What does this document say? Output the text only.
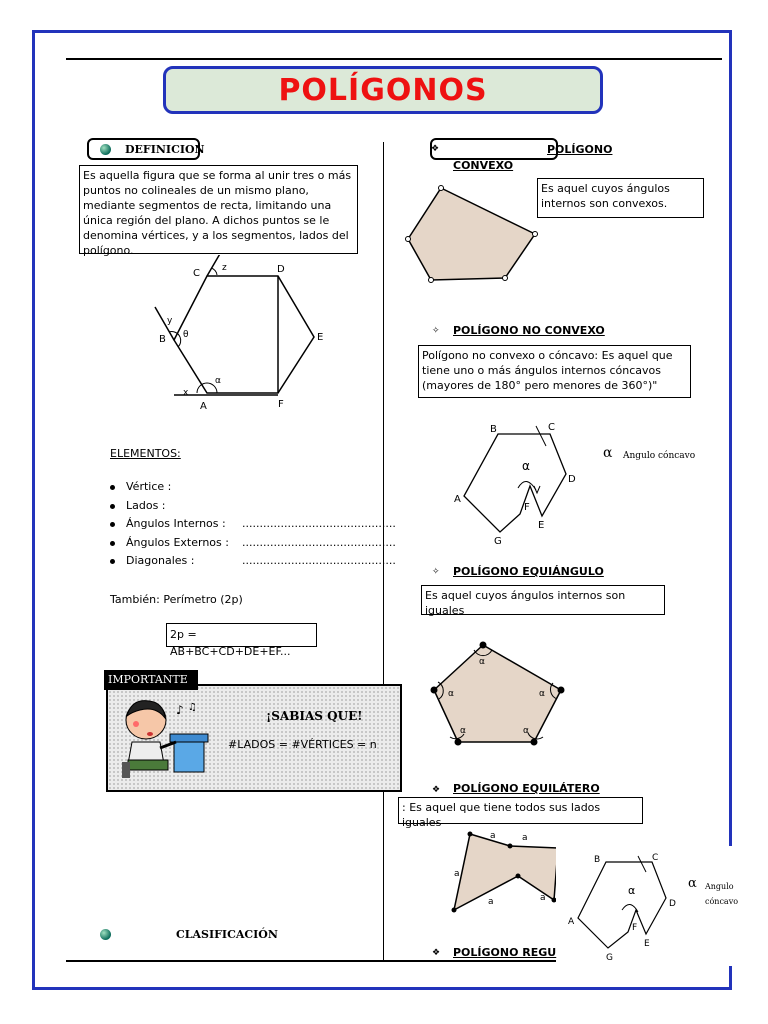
POLÍGONOS
DEFINICION
Es aquella figura que se forma al unir tres o más puntos no colineales de un mismo plano, mediante segmentos de recta, limitando una única región del plano. A dichos puntos se le denomina vértices, y a los segmentos, lados del polígono.
A
B
C	D
E
F
x
y
z
θ
α
ELEMENTOS:
Vértice :
Lados :
Ángulos Internos : ............................................
Ángulos Externos : ............................................
Diagonales :	............................................
También: Perímetro (2p)
2p = AB+BC+CD+DE+EF...
IMPORTANTE
♪ ♫
¡SABIAS QUE!
#LADOS = #VÉRTICES = n
CLASIFICACIÓN
❖	POLÍGONO
CONVEXO
Es aquel cuyos ángulos internos son convexos.
✧ POLÍGONO NO CONVEXO
Polígono no convexo o cóncavo: Es aquel que tiene uno o más ángulos internos cóncavos (mayores de 180° pero menores de 360°)"
B	C
D
E
F
G
A
α
α Angulo cóncavo
✧ POLÍGONO EQUIÁNGULO
Es aquel cuyos ángulos internos son iguales
α
α
α
α
α
❖ POLÍGONO EQUILÁTERO
: Es aquel que tiene todos sus lados iguales
a	a
a
a	a
B	C
D
E
F
G
A
α	α Angulo cóncavo
❖ POLÍGONO REGU
